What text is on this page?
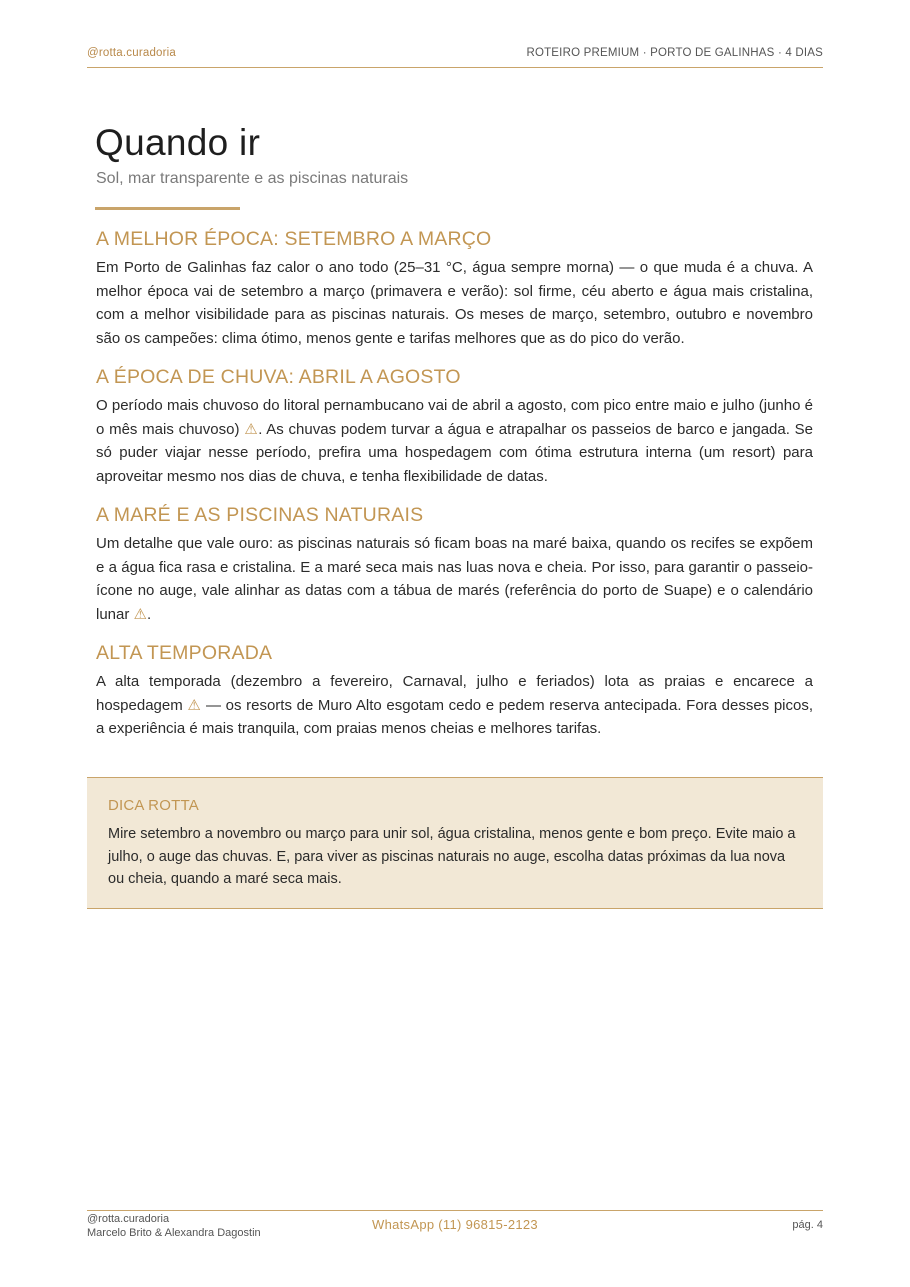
@rotta.curadoria	ROTEIRO PREMIUM · PORTO DE GALINHAS · 4 DIAS
Quando ir

Sol, mar transparente e as piscinas naturais

A MELHOR ÉPOCA: SETEMBRO A MARÇO

Em Porto de Galinhas faz calor o ano todo (25–31 °C, água sempre morna) — o que muda é a chuva. A melhor época vai de setembro a março (primavera e verão): sol firme, céu aberto e água mais cristalina, com a melhor visibilidade para as piscinas naturais. Os meses de março, setembro, outubro e novembro são os campeões: clima ótimo, menos gente e tarifas melhores que as do pico do verão.

A ÉPOCA DE CHUVA: ABRIL A AGOSTO

O período mais chuvoso do litoral pernambucano vai de abril a agosto, com pico entre maio e julho (junho é o mês mais chuvoso) ⚠. As chuvas podem turvar a água e atrapalhar os passeios de barco e jangada. Se só puder viajar nesse período, prefira uma hospedagem com ótima estrutura interna (um resort) para aproveitar mesmo nos dias de chuva, e tenha flexibilidade de datas.

A MARÉ E AS PISCINAS NATURAIS

Um detalhe que vale ouro: as piscinas naturais só ficam boas na maré baixa, quando os recifes se expõem e a água fica rasa e cristalina. E a maré seca mais nas luas nova e cheia. Por isso, para garantir o passeio-ícone no auge, vale alinhar as datas com a tábua de marés (referência do porto de Suape) e o calendário lunar ⚠.

ALTA TEMPORADA

A alta temporada (dezembro a fevereiro, Carnaval, julho e feriados) lota as praias e encarece a hospedagem ⚠ — os resorts de Muro Alto esgotam cedo e pedem reserva antecipada. Fora desses picos, a experiência é mais tranquila, com praias menos cheias e melhores tarifas.

DICA ROTTA

Mire setembro a novembro ou março para unir sol, água cristalina, menos gente e bom preço. Evite maio a julho, o auge das chuvas. E, para viver as piscinas naturais no auge, escolha datas próximas da lua nova ou cheia, quando a maré seca mais.

@rotta.curadoria
Marcelo Brito & Alexandra Dagostin
WhatsApp (11) 96815-2123	pág. 4
